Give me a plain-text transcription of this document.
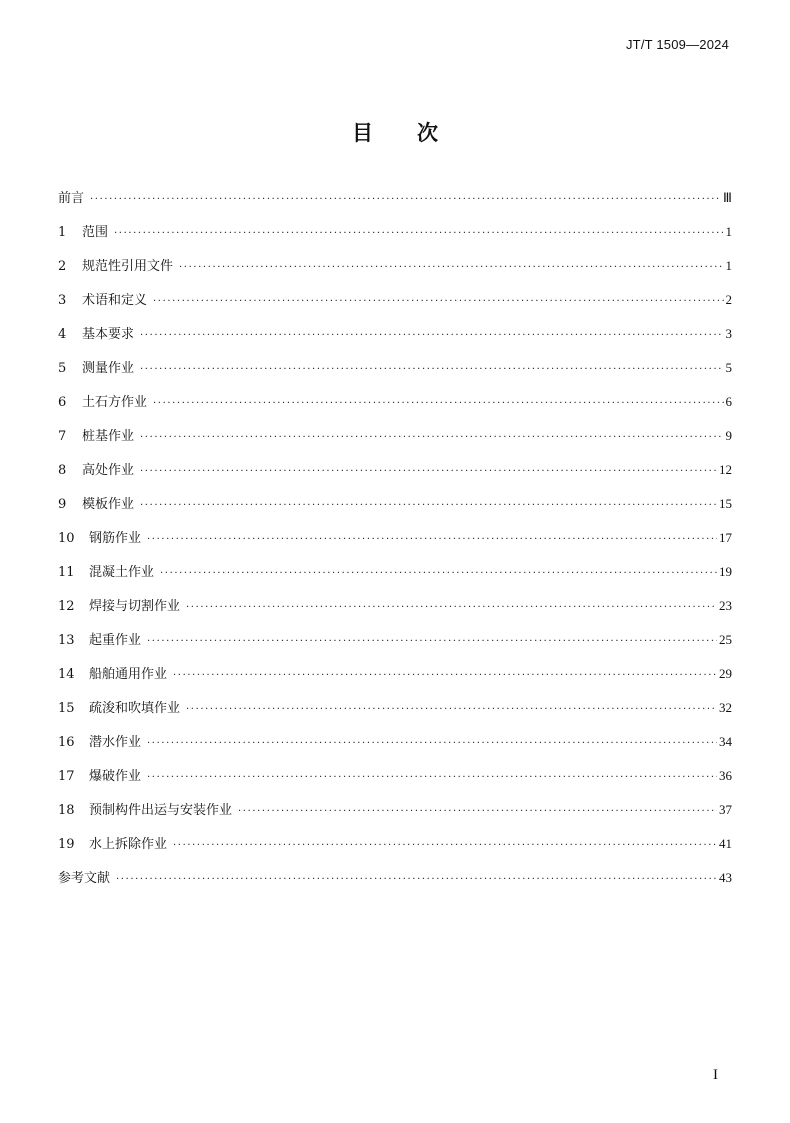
JT/T 1509—2024
目 次
前言 ·····	Ⅲ
1	范围 ·····	1
2	规范性引用文件 ·····	1
3	术语和定义 ·····	2
4	基本要求 ·····	3
5	测量作业 ·····	5
6	土石方作业 ·····	6
7	桩基作业 ·····	9
8	高处作业 ·····	12
9	模板作业 ·····	15
10	钢筋作业 ·····	17
11	混凝土作业 ·····	19
12	焊接与切割作业 ·····	23
13	起重作业 ·····	25
14	船舶通用作业 ·····	29
15	疏浚和吹填作业 ·····	32
16	潜水作业 ·····	34
17	爆破作业 ·····	36
18	预制构件出运与安装作业 ·····	37
19	水上拆除作业 ·····	41
参考文献 ·····	43
I
